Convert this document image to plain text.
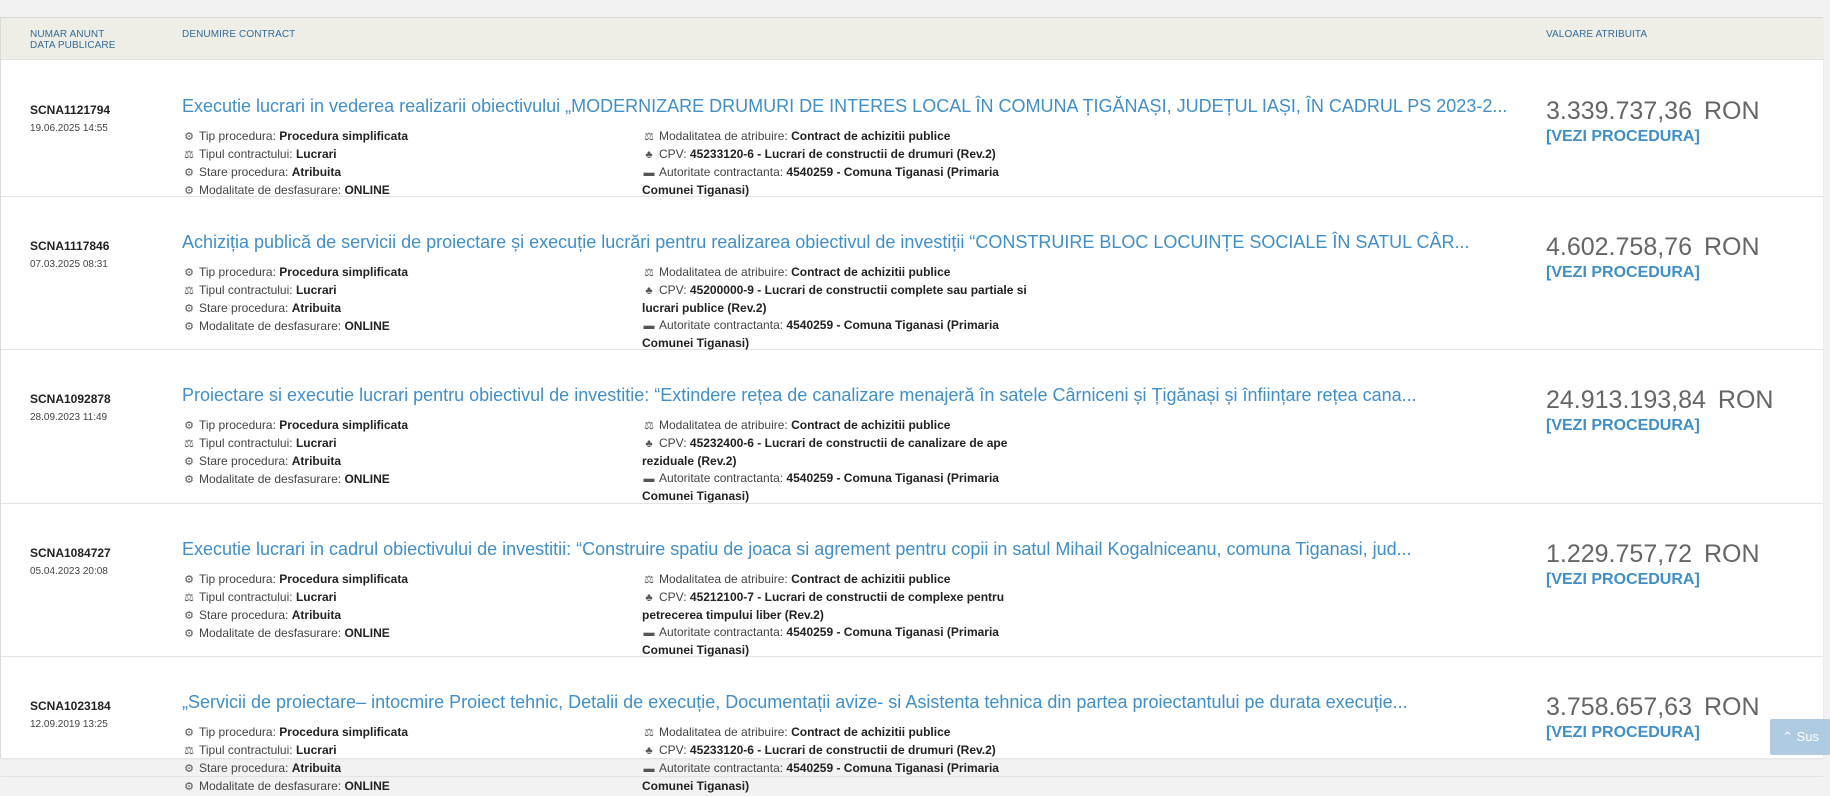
NUMAR ANUNT
DATA PUBLICARE
DENUMIRE CONTRACT	VALOARE ATRIBUITA
SCNA1121794
19.06.2025 14:55
Executie lucrari in vederea realizarii obiectivului „MODERNIZARE DRUMURI DE INTERES LOCAL ÎN COMUNA ȚIGĂNAȘI, JUDEȚUL IAȘI, ÎN CADRUL PS 2023-2...
⚙ Tip procedura: Procedura simplificata
⚖ Tipul contractului: Lucrari
⚙ Stare procedura: Atribuita
⚙ Modalitate de desfasurare: ONLINE
⚖ Modalitatea de atribuire: Contract de achizitii publice
♣ CPV: 45233120-6 - Lucrari de constructii de drumuri (Rev.2)
▬ Autoritate contractanta: 4540259 - Comuna Tiganasi (Primaria Comunei Tiganasi)
3.339.737,36 RON
[VEZI PROCEDURA]
SCNA1117846
07.03.2025 08:31
Achiziția publică de servicii de proiectare și execuție lucrări pentru realizarea obiectivul de investiții “CONSTRUIRE BLOC LOCUINȚE SOCIALE ÎN SATUL CÂR...
⚙ Tip procedura: Procedura simplificata
⚖ Tipul contractului: Lucrari
⚙ Stare procedura: Atribuita
⚙ Modalitate de desfasurare: ONLINE
⚖ Modalitatea de atribuire: Contract de achizitii publice
♣ CPV: 45200000-9 - Lucrari de constructii complete sau partiale si lucrari publice (Rev.2)
▬ Autoritate contractanta: 4540259 - Comuna Tiganasi (Primaria Comunei Tiganasi)
4.602.758,76 RON
[VEZI PROCEDURA]
SCNA1092878
28.09.2023 11:49
Proiectare si executie lucrari pentru obiectivul de investitie: “Extindere rețea de canalizare menajeră în satele Cârniceni și Țigănași și înființare rețea cana...
⚙ Tip procedura: Procedura simplificata
⚖ Tipul contractului: Lucrari
⚙ Stare procedura: Atribuita
⚙ Modalitate de desfasurare: ONLINE
⚖ Modalitatea de atribuire: Contract de achizitii publice
♣ CPV: 45232400-6 - Lucrari de constructii de canalizare de ape reziduale (Rev.2)
▬ Autoritate contractanta: 4540259 - Comuna Tiganasi (Primaria Comunei Tiganasi)
24.913.193,84 RON
[VEZI PROCEDURA]
SCNA1084727
05.04.2023 20:08
Executie lucrari in cadrul obiectivului de investitii: “Construire spatiu de joaca si agrement pentru copii in satul Mihail Kogalniceanu, comuna Tiganasi, jud...
⚙ Tip procedura: Procedura simplificata
⚖ Tipul contractului: Lucrari
⚙ Stare procedura: Atribuita
⚙ Modalitate de desfasurare: ONLINE
⚖ Modalitatea de atribuire: Contract de achizitii publice
♣ CPV: 45212100-7 - Lucrari de constructii de complexe pentru petrecerea timpului liber (Rev.2)
▬ Autoritate contractanta: 4540259 - Comuna Tiganasi (Primaria Comunei Tiganasi)
1.229.757,72 RON
[VEZI PROCEDURA]
SCNA1023184
12.09.2019 13:25
„Servicii de proiectare– intocmire Proiect tehnic, Detalii de execuție, Documentații avize- si Asistenta tehnica din partea proiectantului pe durata execuție...
⚙ Tip procedura: Procedura simplificata
⚖ Tipul contractului: Lucrari
⚙ Stare procedura: Atribuita
⚙ Modalitate de desfasurare: ONLINE
⚖ Modalitatea de atribuire: Contract de achizitii publice
♣ CPV: 45233120-6 - Lucrari de constructii de drumuri (Rev.2)
▬ Autoritate contractanta: 4540259 - Comuna Tiganasi (Primaria Comunei Tiganasi)
3.758.657,63 RON
[VEZI PROCEDURA]	⌃ Sus
